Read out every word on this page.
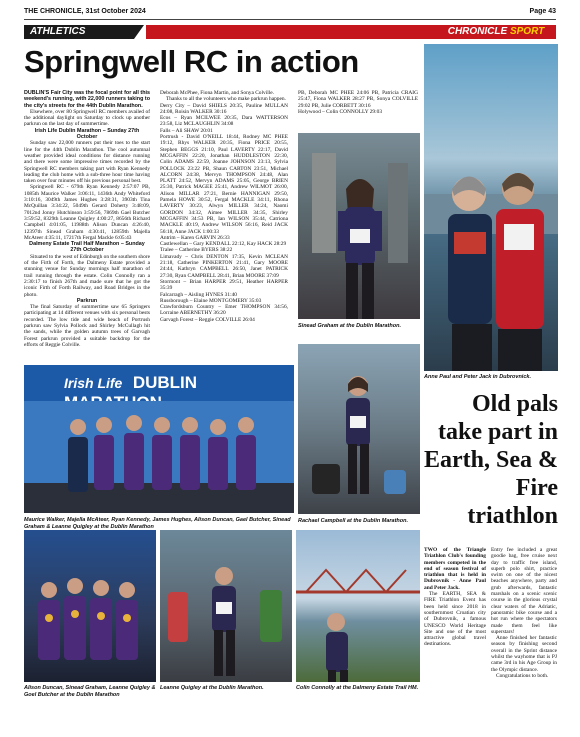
THE CHRONICLE, 31st October 2024	Page 43
ATHLETICS	CHRONICLE SPORT
Springwell RC in action

DUBLIN'S Fair City was the focal point for all this weekend's running, with 22,000 runners taking to the city's streets for the 44th Dublin Marathon.

Elsewhere, over 80 Springwell RC members availed of the additional daylight on Saturday to clock up another parkrun on the last day of summertime.

Irish Life Dublin Marathon – Sunday 27th October

Sunday saw 22,000 runners put their toes to the start line for the 44th Dublin Marathon. The cool autumnal weather provided ideal conditions for distance running and there were some impressive times recorded by the Springwell RC members taking part with Ryan Kennedy leading the club home with a sub-three hour time having taken over four minutes off his previous personal best.

Springwell RC - 679th Ryan Kennedy 2:57:07 PB, 1085th Maurice Walker 3:06:11, 1436th Andy Whiteford 3:10:16, 3049th James Hughes 3:28:31, 3903th Tina McQuillan 3:34:22, 5049th Gerard Doherty 3:48:09, 7012nd Jonny Hutchinson 3:59:56, 7869th Gael Butcher 3:59:52, 8329th Leanne Quigley 4:00:27, 8656th Richard Campbell 4:01:05, 11988th Alison Duncan 4:26:40, 12397th Sinead Graham 4:30:41, 12859th Majella McAteer 4:35:11, 17217th Fergal Mackle 6:05:43

Dalmeny Estate Trail Half Marathon – Sunday 27th October

Situated to the west of Edinburgh on the southern shore of the Firth of Forth, the Dalmeny Estate provided a stunning venue for Sunday mornings half marathon of trail running through the estate. Colin Connolly ran a 2:30:17 to finish 267th and made sure that he got the iconic Firth of Forth Railway, and Road Bridges in the photo.

Parkrun

The final Saturday of summertime saw 65 Springers participating at 14 different venues with six personal bests recorded. The low tide and wide beach of Portrush parkrun saw Sylvia Pollock and Shirley McCullagh hit the sands, while the golden autumn trees of Garvagh Forest parkrun provided a suitable backdrop for the efforts of Reggie Colville.

Deborah McPhee, Fiona Martin, and Sonya Colville.

Thanks to all the volunteers who make parkrun happen.

Derry City – David SHIELS 20:35, Pauline MULLAN 24:08, Roisin WALKER 30:16

Ecos – Ryan MCILWEE 20:35, Dara WATTERSON 23:58, Liz MCLAUGHLIN 34:08

Falls – Ali SHAW 20:01

Portrush - David O'NEILL 18:44, Rodney MC PHEE 19:12, Rhys WALKER 20:35, Fiona PRICE 20:55, Stephen BEGGS 21:10, Paul LAVERTY 22:17, David MCGAFFIN 22:20, Jonathan HUDDLESTON 22:30, Colin ADAMS 22:59, Joanne JOHNSON 23:13, Sylvia POLLOCK 23:22 PB, Shaun CARTON 23:51, Michael ALCORN 24:38, Mervyn THOMPSON 24:48, Alan PLATT 24:52, Mervyn ADAMS 25:05, George BRIEN 25:30, Patrick MAGEE 25:41, Andrew WILMOT 26:00, Alison MILLAR 27:21, Bernie HANNIGAN 29:50, Pamela HOWE 30:52, Fergal MACKLE 34:11, Rhona LAVERTY 30:23, Alwyn MILLER 34:24, Naomi GORDON 34:32, Aimee MILLER 34:35, Shirley MCGAFFIN 34:53 PB, Ian WILSON 35:44, Catriona MACKLE 40:19, Andrew WILSON 56:16, Reid JACK 56:18, Anne JACK 1:00:33

Antrim – Karen GARVIN 26:33

Castlewellan – Gary KENDALL 22:12, Kay HACK 28:29

Tralee – Catherine BYERS 38:22

Limavady – Chris DENTON 17:35, Kevin MCLEAN 21:18, Catherine PINKERTON 21:41, Gary MOORE 24:44, Kathryn CAMPBELL 26:50, Janet PATRICK 27:30, Ryan CAMPBELL 28:41, Brian MOORE 37:09

Stormont – Brian HARPER 29:51, Heather HARPER 35:39

Falcarragh – Aisling HYNES 31:40

Russborough – Elaine MONTGOMERY 35:03

Crawfordsburn Country – Emer THOMPSON 34:56, Lorraine ABERNETHY 36:20

Garvagh Forest – Reggie COLVILLE 26:04

PB, Deborah MC PHEE 24:06 PB, Patricia CRAIG 25:47, Fiona WALKER 28:27 PB, Sonya COLVILLE 29:02 PB, Julie CORBETT 30:16

Holywood – Colin CONNOLLY 29:03

Sinead Graham at the Dublin Marathon.
Anne Paul and Peter Jack in Dubrovnick.
Irish Life DUBLIN
Maurice Walker, Majella McAteer, Ryan Kennedy, James Hughes, Alison Duncan, Gael Butcher, Sinead Graham & Leanne Quigley at the Dublin Marathon
Rachael Campbell at the Dublin Marathon.
Alison Duncan, Sinead Graham, Leanne Quigley & Goel Butcher at the Dublin Marathon
Leanne Quigley at the Dublin Marathon.	Colin Connolly at the Dalmeny Estate Trail HM.
Old pals take part in Earth, Sea & Fire triathlon

TWO of the Triangle Triathlon Club's founding members competed in the end of season festival of triathlon that is held in Dubrovnik - Anne Paul and Peter Jack.

The EARTH, SEA & FIRE Triathlon Event has been held since 2018 in southernmost Croatian city of Dubrovnik, a famous UNESCO World Heritage Site and one of the most attractive global travel destinations.

Entry fee included a great goodie bag, free cruise next day to traffic free island, superb polo shirt, practice swim on one of the nicest beaches anywhere, party and grub afterwards, fantastic marshals on a scenic scenic course in the glorious crystal clear waters of the Adriatic, panoramic bike course and a hot run where the spectators made them feel like superstars!

Anne finished her fantastic season by finishing second overall in the Sprint distance whilst the wayhome that is PJ came 3rd in his Age Group in the Olympic distance.

Congratulations to both.
